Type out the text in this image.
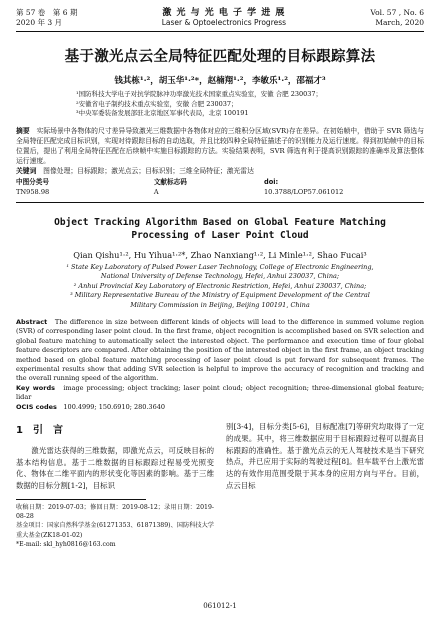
第 57 卷　第 6 期
2020 年 3 月
激 光 与 光 电 子 学 进 展
Laser & Optoelectronics Progress
Vol. 57 , No. 6
March, 2020
基于激光点云全局特征匹配处理的目标跟踪算法
钱其栋¹·²，胡玉华¹·²*，赵楠翔¹·²，李敏乐¹·²，邵福才³
¹国防科技大学电子对抗学院脉冲功率激光技术国家重点实验室，安徽 合肥 230037；
²安徽省电子制约技术重点实验室，安徽 合肥 230037；
³中央军委装备发展部驻北京地区军事代表局，北京 100191
摘要　实际场景中各物体的尺寸差异导致激光三维数据中各物体对应的三维积分区域(SVR)存在差异。在初始帧中，借助于 SVR 筛选与全局特征匹配完成目标识别，实现对待跟踪目标的自动选取，并且比较四种全局特征描述子的识别能力及运行速度。得到初始帧中的目标位置后，提出了利用全局特征匹配在后续帧中实施目标跟踪的方法。实验结果表明，SVR 筛选有利于提高识别跟踪的准确率及算法整体运行速度。
关键词　图像处理；目标跟踪；激光点云；目标识别；三维全局特征；激光雷达
中图分类号　TN958.98
文献标志码　A
doi: 10.3788/LOP57.061012
Object Tracking Algorithm Based on Global Feature Matching
Processing of Laser Point Cloud
Qian Qishu¹·², Hu Yihua¹·²*, Zhao Nanxiang¹·², Li Minle¹·², Shao Fucai³
¹ State Key Laboratory of Pulsed Power Laser Technology, College of Electronic Engineering,
National University of Defense Technology, Hefei, Anhui 230037, China;
² Anhui Provincial Key Laboratory of Electronic Restriction, Hefei, Anhui 230037, China;
³ Military Representative Bureau of the Ministry of Equipment Development of the Central
Military Commission in Beijing, Beijing 100191, China
Abstract　The difference in size between different kinds of objects will lead to the difference in summed volume region (SVR) of corresponding laser point cloud. In the first frame, object recognition is accomplished based on SVR selection and global feature matching to automatically select the interested object. The performance and execution time of four global feature descriptors are compared. After obtaining the position of the interested object in the first frame, an object tracking method based on global feature matching processing of laser point cloud is put forward for subsequent frames. The experimental results show that adding SVR selection is helpful to improve the accuracy of recognition and tracking and the overall running speed of the algorithm.
Key words　image processing; object tracking; laser point cloud; object recognition; three-dimensional global feature; lidar
OCIS codes　100.4999; 150.6910; 280.3640
1　 引　言
　　激光雷达获得的三维数据，即激光点云，可反映目标的基本结构信息。基于二维数据的目标跟踪过程易受光照变化、物体在二维平面内的形状变化等因素的影响。基于三维数据的目标分割[1-2]，目标识
收稿日期：2019-07-03；修回日期：2019-08-12；录用日期：2019-08-28
基金项目：国家自然科学基金(61271353、61871389)、国防科技大学重大基金(ZK18-01-02)
*E-mail: skl_hyh0816@163.com
别[3-4]，目标分类[5-6]，目标配准[7]等研究均取得了一定的成果。其中，将三维数据应用于目标跟踪过程可以提高目标跟踪的准确性。基于激光点云的无人驾驶技术是当下研究热点，并已应用于实际的驾驶过程[8]。但车载平台上激光雷达的有效作用范围受限于其本身的应用方向与平台。目前，点云目标
061012-1
